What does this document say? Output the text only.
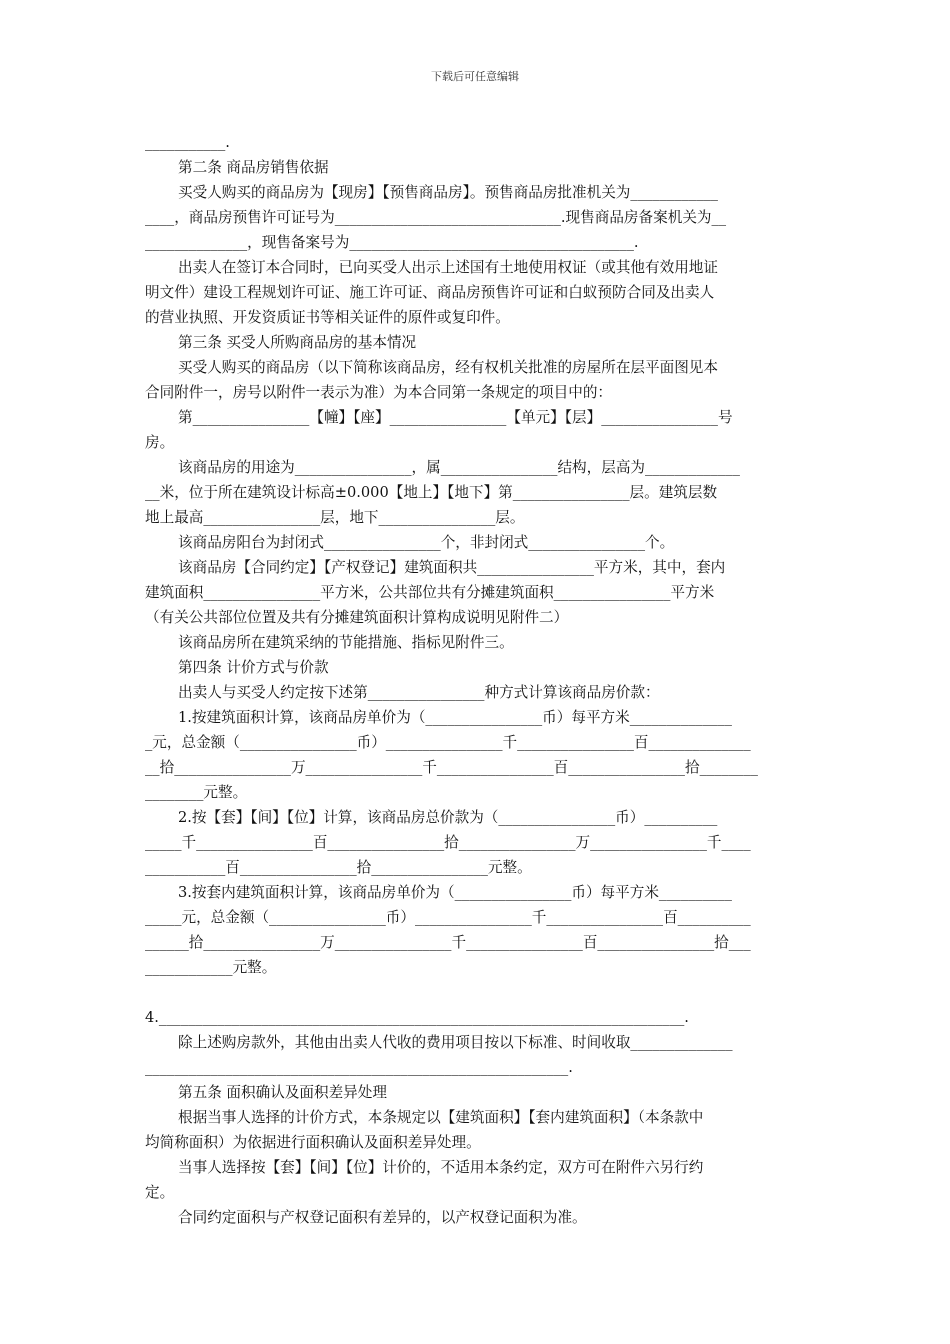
下载后可任意编辑
___________.
第二条 商品房销售依据
买受人购买的商品房为【现房】【预售商品房】。预售商品房批准机关为____________
____，商品房预售许可证号为_______________________________.现售商品房备案机关为__
______________，现售备案号为_______________________________________.
出卖人在签订本合同时，已向买受人出示上述国有土地使用权证（或其他有效用地证
明文件）建设工程规划许可证、施工许可证、商品房预售许可证和白蚁预防合同及出卖人
的营业执照、开发资质证书等相关证件的原件或复印件。
第三条 买受人所购商品房的基本情况
买受人购买的商品房（以下简称该商品房，经有权机关批准的房屋所在层平面图见本
合同附件一，房号以附件一表示为准）为本合同第一条规定的项目中的：
第________________【幢】【座】________________【单元】【层】________________号
房。
该商品房的用途为________________，属________________结构，层高为_____________
__米，位于所在建筑设计标高±0.000【地上】【地下】第________________层。建筑层数
地上最高________________层，地下________________层。
该商品房阳台为封闭式________________个，非封闭式________________个。
该商品房【合同约定】【产权登记】建筑面积共________________平方米，其中，套内
建筑面积________________平方米，公共部位共有分摊建筑面积________________平方米
（有关公共部位位置及共有分摊建筑面积计算构成说明见附件二）
该商品房所在建筑采纳的节能措施、指标见附件三。
第四条 计价方式与价款
出卖人与买受人约定按下述第________________种方式计算该商品房价款：
1.按建筑面积计算，该商品房单价为（________________币）每平方米______________
_元，总金额（________________币）________________千________________百______________
__拾________________万________________千________________百________________拾________
________元整。
2.按【套】【间】【位】计算，该商品房总价款为（________________币）__________
_____千________________百________________拾________________万________________千____
___________百________________拾________________元整。
3.按套内建筑面积计算，该商品房单价为（________________币）每平方米__________
_____元，总金额（________________币）________________千________________百__________
______拾________________万________________千________________百________________拾___
____________元整。
4.________________________________________________________________________.
除上述购房款外，其他由出卖人代收的费用项目按以下标准、时间收取______________
__________________________________________________________.
第五条 面积确认及面积差异处理
根据当事人选择的计价方式，本条规定以【建筑面积】【套内建筑面积】（本条款中
均简称面积）为依据进行面积确认及面积差异处理。
当事人选择按【套】【间】【位】计价的，不适用本条约定，双方可在附件六另行约
定。
合同约定面积与产权登记面积有差异的，以产权登记面积为准。
